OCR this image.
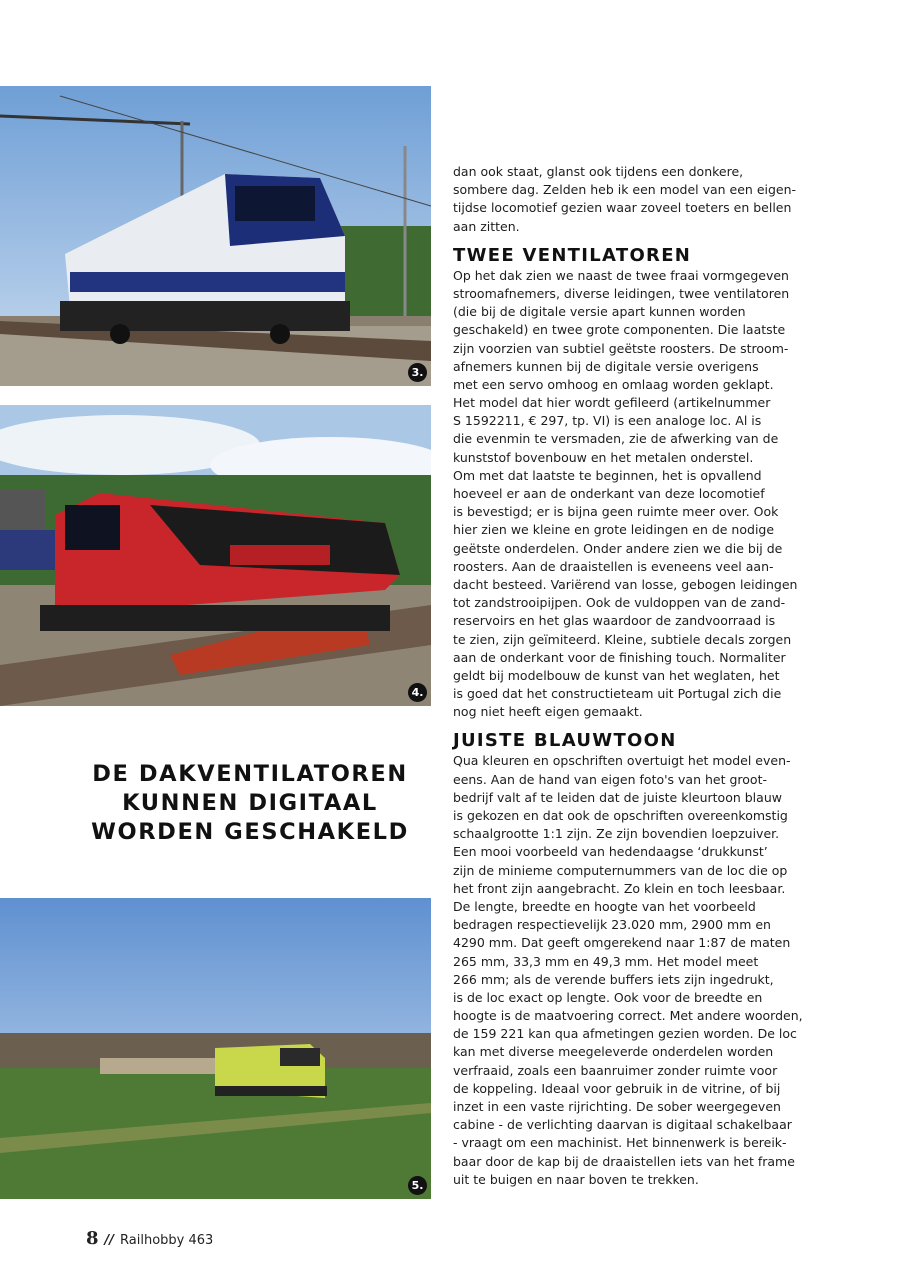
3.
4.
DE DAKVENTILATOREN
KUNNEN DIGITAAL
WORDEN GESCHAKELD
5.
dan ook staat, glanst ook tijdens een donkere,
sombere dag. Zelden heb ik een model van een eigen-
tijdse locomotief gezien waar zoveel toeters en bellen
aan zitten.
TWEE VENTILATOREN
Op het dak zien we naast de twee fraai vormgegeven
stroomafnemers, diverse leidingen, twee ventilatoren
(die bij de digitale versie apart kunnen worden
geschakeld) en twee grote componenten. Die laatste
zijn voorzien van subtiel geëtste roosters. De stroom-
afnemers kunnen bij de digitale versie overigens
met een servo omhoog en omlaag worden geklapt.
Het model dat hier wordt gefileerd (artikelnummer
S 1592211, € 297, tp. VI) is een analoge loc. Al is
die evenmin te versmaden, zie de afwerking van de
kunststof bovenbouw en het metalen onderstel.
Om met dat laatste te beginnen, het is opvallend
hoeveel er aan de onderkant van deze locomotief
is bevestigd; er is bijna geen ruimte meer over. Ook
hier zien we kleine en grote leidingen en de nodige
geëtste onderdelen. Onder andere zien we die bij de
roosters. Aan de draaistellen is eveneens veel aan-
dacht besteed. Variërend van losse, gebogen leidingen
tot zandstrooipijpen. Ook de vuldoppen van de zand-
reservoirs en het glas waardoor de zandvoorraad is
te zien, zijn geïmiteerd. Kleine, subtiele decals zorgen
aan de onderkant voor de finishing touch. Normaliter
geldt bij modelbouw de kunst van het weglaten, het
is goed dat het constructieteam uit Portugal zich die
nog niet heeft eigen gemaakt.
JUISTE BLAUWTOON
Qua kleuren en opschriften overtuigt het model even-
eens. Aan de hand van eigen foto's van het groot-
bedrijf valt af te leiden dat de juiste kleurtoon blauw
is gekozen en dat ook de opschriften overeenkomstig
schaalgrootte 1:1 zijn. Ze zijn bovendien loepzuiver.
Een mooi voorbeeld van hedendaagse ‘drukkunst’
zijn de minieme computernummers van de loc die op
het front zijn aangebracht. Zo klein en toch leesbaar.
De lengte, breedte en hoogte van het voorbeeld
bedragen respectievelijk 23.020 mm, 2900 mm en
4290 mm. Dat geeft omgerekend naar 1:87 de maten
265 mm, 33,3 mm en 49,3 mm. Het model meet
266 mm; als de verende buffers iets zijn ingedrukt,
is de loc exact op lengte. Ook voor de breedte en
hoogte is de maatvoering correct. Met andere woorden,
de 159 221 kan qua afmetingen gezien worden. De loc
kan met diverse meegeleverde onderdelen worden
verfraaid, zoals een baanruimer zonder ruimte voor
de koppeling. Ideaal voor gebruik in de vitrine, of bij
inzet in een vaste rijrichting. De sober weergegeven
cabine - de verlichting daarvan is digitaal schakelbaar
- vraagt om een machinist. Het binnenwerk is bereik-
baar door de kap bij de draaistellen iets van het frame
uit te buigen en naar boven te trekken.
8 // Railhobby 463
